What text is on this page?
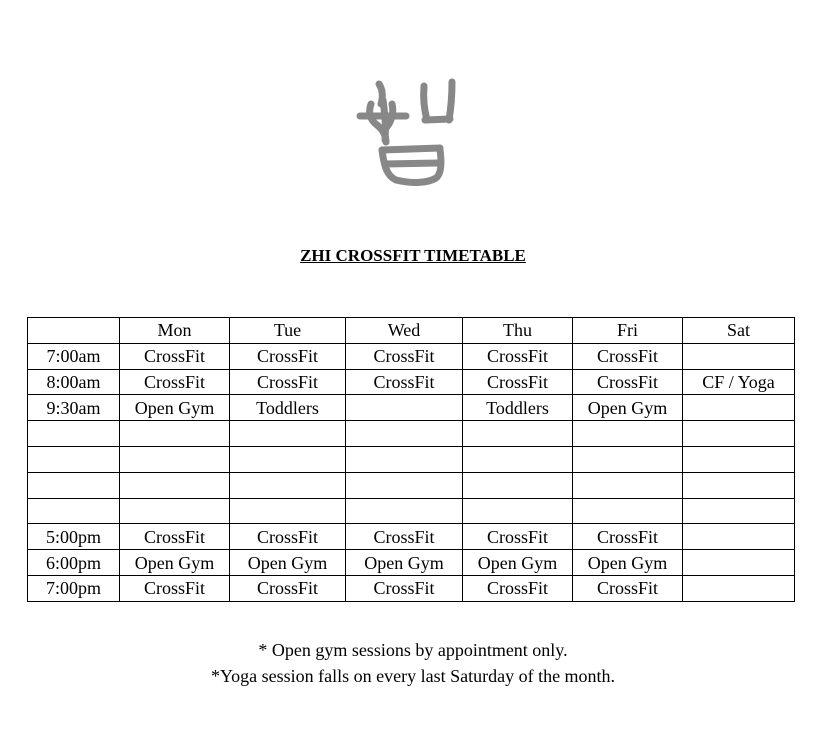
ZHI CROSSFIT TIMETABLE
	Mon	Tue	Wed	Thu	Fri	Sat
7:00am	CrossFit	CrossFit	CrossFit	CrossFit	CrossFit	
8:00am	CrossFit	CrossFit	CrossFit	CrossFit	CrossFit	CF / Yoga
9:30am	Open Gym	Toddlers		Toddlers	Open Gym	

5:00pm	CrossFit	CrossFit	CrossFit	CrossFit	CrossFit	
6:00pm	Open Gym	Open Gym	Open Gym	Open Gym	Open Gym	
7:00pm	CrossFit	CrossFit	CrossFit	CrossFit	CrossFit	
* Open gym sessions by appointment only.
*Yoga session falls on every last Saturday of the month.
